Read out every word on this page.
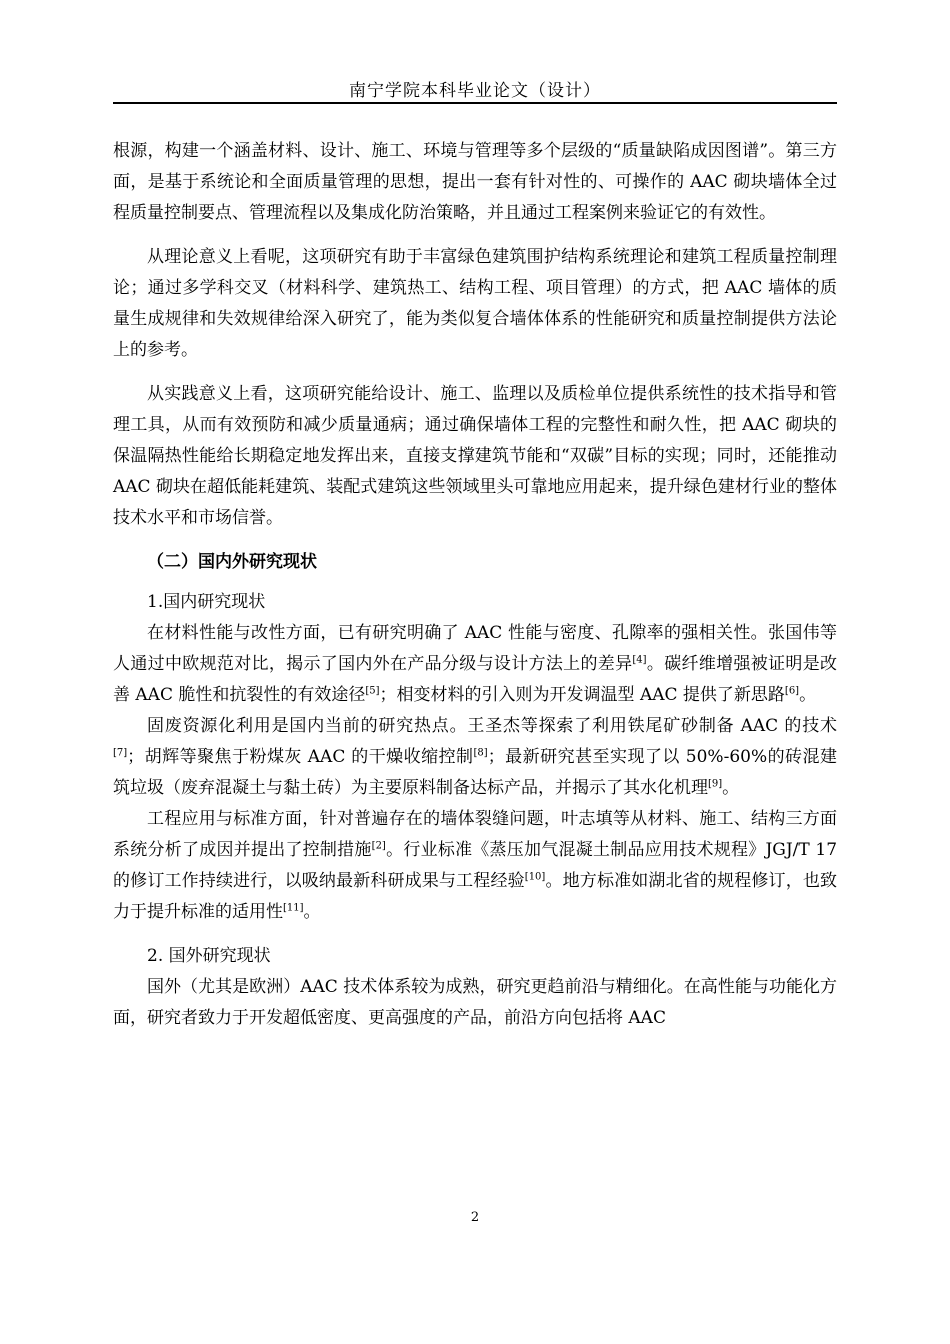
南宁学院本科毕业论文（设计）

根源，构建一个涵盖材料、设计、施工、环境与管理等多个层级的“质量缺陷成因图谱”。第三方面，是基于系统论和全面质量管理的思想，提出一套有针对性的、可操作的 AAC 砌块墙体全过程质量控制要点、管理流程以及集成化防治策略，并且通过工程案例来验证它的有效性。

从理论意义上看呢，这项研究有助于丰富绿色建筑围护结构系统理论和建筑工程质量控制理论；通过多学科交叉（材料科学、建筑热工、结构工程、项目管理）的方式，把 AAC 墙体的质量生成规律和失效规律给深入研究了，能为类似复合墙体体系的性能研究和质量控制提供方法论上的参考。

从实践意义上看，这项研究能给设计、施工、监理以及质检单位提供系统性的技术指导和管理工具，从而有效预防和减少质量通病；通过确保墙体工程的完整性和耐久性，把 AAC 砌块的保温隔热性能给长期稳定地发挥出来，直接支撑建筑节能和“双碳”目标的实现；同时，还能推动 AAC 砌块在超低能耗建筑、装配式建筑这些领域里头可靠地应用起来，提升绿色建材行业的整体技术水平和市场信誉。

（二）国内外研究现状
1.国内研究现状

在材料性能与改性方面，已有研究明确了 AAC 性能与密度、孔隙率的强相关性。张国伟等人通过中欧规范对比，揭示了国内外在产品分级与设计方法上的差异[4]。碳纤维增强被证明是改善 AAC 脆性和抗裂性的有效途径[5]；相变材料的引入则为开发调温型 AAC 提供了新思路[6]。

固废资源化利用是国内当前的研究热点。王圣杰等探索了利用铁尾矿砂制备 AAC 的技术[7]；胡辉等聚焦于粉煤灰 AAC 的干燥收缩控制[8]；最新研究甚至实现了以 50%-60%的砖混建筑垃圾（废弃混凝土与黏土砖）为主要原料制备达标产品，并揭示了其水化机理[9]。

工程应用与标准方面，针对普遍存在的墙体裂缝问题，叶志填等从材料、施工、结构三方面系统分析了成因并提出了控制措施[2]。行业标准《蒸压加气混凝土制品应用技术规程》JGJ/T 17 的修订工作持续进行，以吸纳最新科研成果与工程经验[10]。地方标准如湖北省的规程修订，也致力于提升标准的适用性[11]。

2. 国外研究现状

国外（尤其是欧洲）AAC 技术体系较为成熟，研究更趋前沿与精细化。在高性能与功能化方面，研究者致力于开发超低密度、更高强度的产品，前沿方向包括将 AAC

2
